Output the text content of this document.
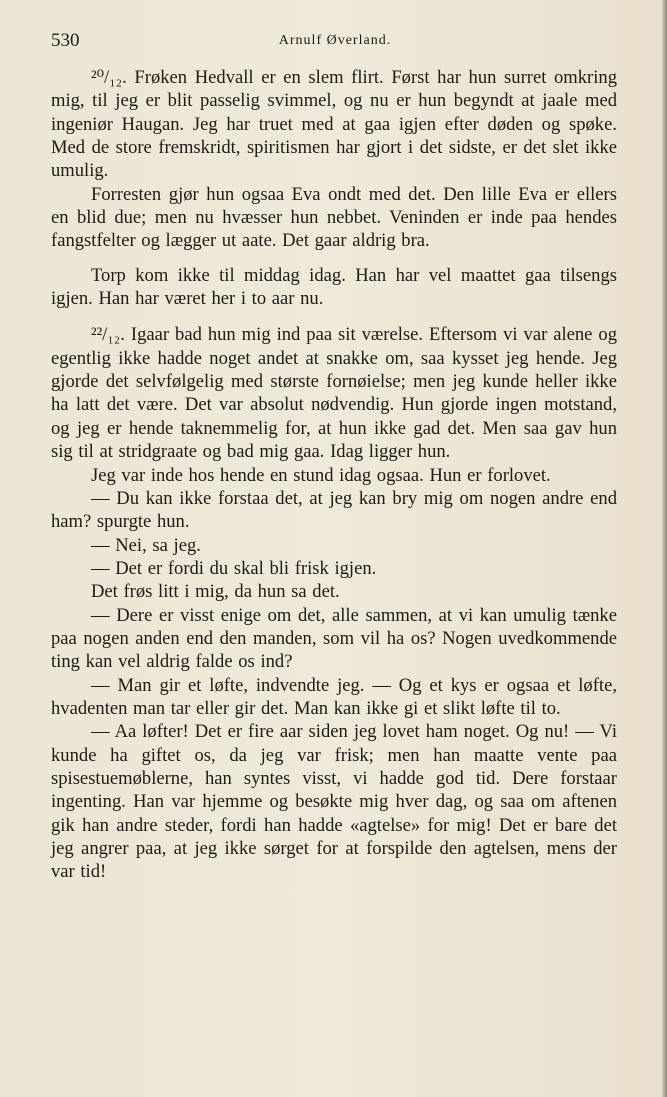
530	Arnulf Øverland.

²⁰/₁₂. Frøken Hedvall er en slem flirt. Først har hun surret omkring mig, til jeg er blit passelig svimmel, og nu er hun begyndt at jaale med ingeniør Haugan. Jeg har truet med at gaa igjen efter døden og spøke. Med de store fremskridt, spiritismen har gjort i det sidste, er det slet ikke umulig.

Forresten gjør hun ogsaa Eva ondt med det. Den lille Eva er ellers en blid due; men nu hvæsser hun nebbet. Veninden er inde paa hendes fangstfelter og lægger ut aate. Det gaar aldrig bra.

Torp kom ikke til middag idag. Han har vel maattet gaa tilsengs igjen. Han har været her i to aar nu.

²²/₁₂. Igaar bad hun mig ind paa sit værelse. Eftersom vi var alene og egentlig ikke hadde noget andet at snakke om, saa kysset jeg hende. Jeg gjorde det selvfølgelig med største fornøielse; men jeg kunde heller ikke ha latt det være. Det var absolut nødvendig. Hun gjorde ingen motstand, og jeg er hende taknemmelig for, at hun ikke gad det. Men saa gav hun sig til at stridgraate og bad mig gaa. Idag ligger hun.

Jeg var inde hos hende en stund idag ogsaa. Hun er forlovet.

— Du kan ikke forstaa det, at jeg kan bry mig om nogen andre end ham? spurgte hun.

— Nei, sa jeg.

— Det er fordi du skal bli frisk igjen.

Det frøs litt i mig, da hun sa det.

— Dere er visst enige om det, alle sammen, at vi kan umulig tænke paa nogen anden end den manden, som vil ha os? Nogen uvedkommende ting kan vel aldrig falde os ind?

— Man gir et løfte, indvendte jeg. — Og et kys er ogsaa et løfte, hvadenten man tar eller gir det. Man kan ikke gi et slikt løfte til to.

— Aa løfter! Det er fire aar siden jeg lovet ham noget. Og nu! — Vi kunde ha giftet os, da jeg var frisk; men han maatte vente paa spisestuemøblerne, han syntes visst, vi hadde god tid. Dere forstaar ingenting. Han var hjemme og besøkte mig hver dag, og saa om aftenen gik han andre steder, fordi han hadde «agtelse» for mig! Det er bare det jeg angrer paa, at jeg ikke sørget for at forspilde den agtelsen, mens der var tid!
